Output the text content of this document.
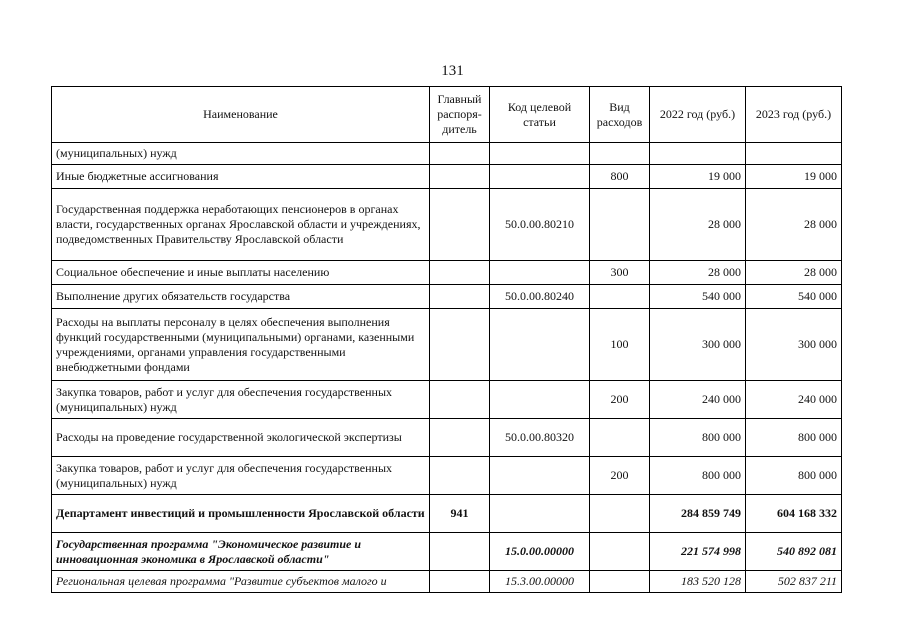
131
Наименование	Главный распоря-дитель	Код целевой статьи	Вид расходов	2022 год (руб.)	2023 год (руб.)
(муниципальных) нужд					
Иные бюджетные ассигнования			800	19 000	19 000
Государственная поддержка неработающих пенсионеров в органах власти, государственных органах Ярославской области и учреждениях, подведомственных Правительству Ярославской области		50.0.00.80210		28 000	28 000
Социальное обеспечение и иные выплаты населению			300	28 000	28 000
Выполнение других обязательств государства		50.0.00.80240		540 000	540 000
Расходы на выплаты персоналу в целях обеспечения выполнения функций государственными (муниципальными) органами, казенными учреждениями, органами управления государственными внебюджетными фондами			100	300 000	300 000
Закупка товаров, работ и услуг для обеспечения государственных (муниципальных) нужд			200	240 000	240 000
Расходы на проведение государственной экологической экспертизы		50.0.00.80320		800 000	800 000
Закупка товаров, работ и услуг для обеспечения государственных (муниципальных) нужд			200	800 000	800 000
Департамент инвестиций и промышленности Ярославской области	941			284 859 749	604 168 332
Государственная программа "Экономическое развитие и инновационная экономика в Ярославской области"		15.0.00.00000		221 574 998	540 892 081
Региональная целевая программа "Развитие субъектов малого и		15.3.00.00000		183 520 128	502 837 211
